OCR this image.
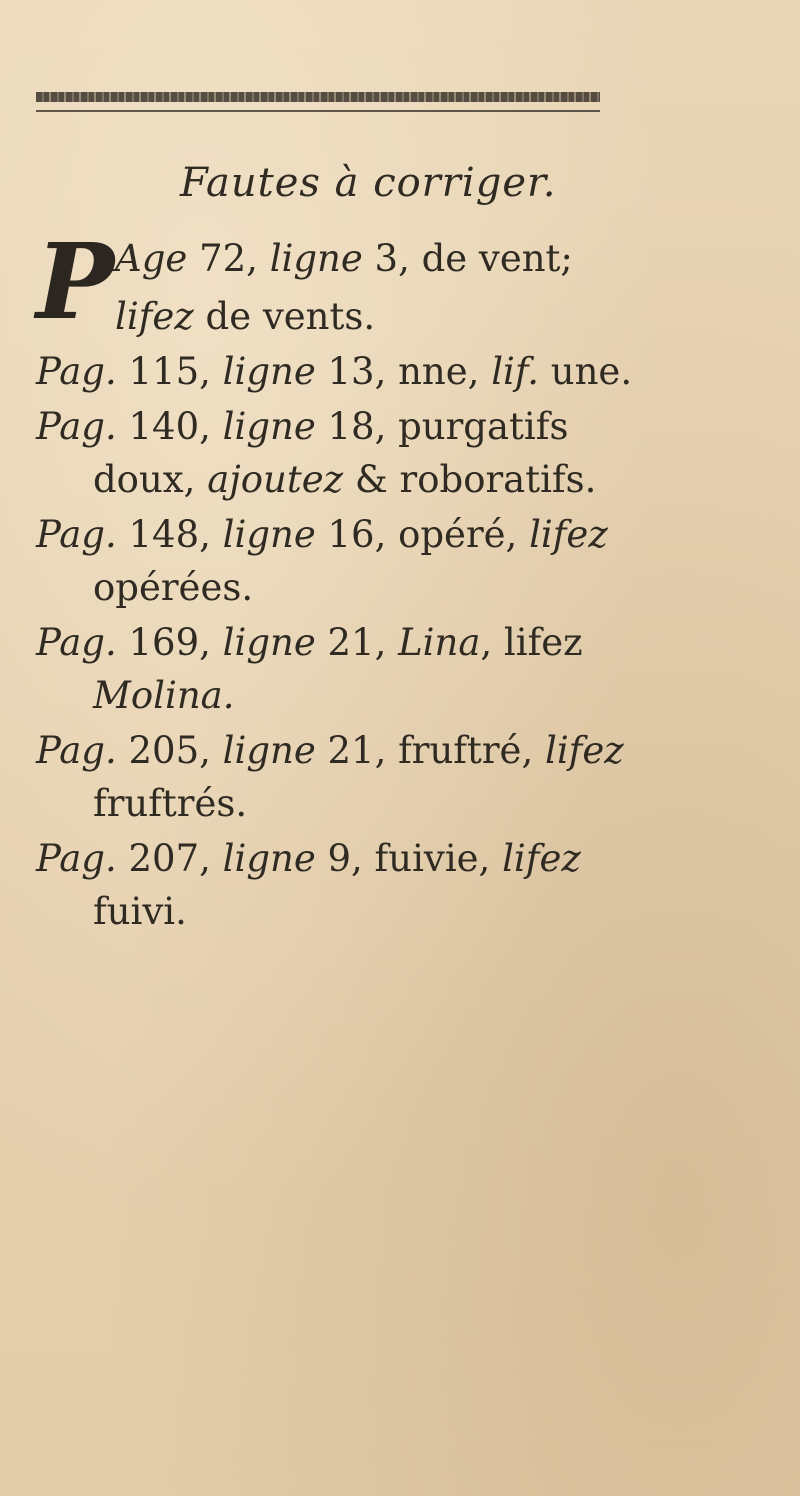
Fautes à corriger.
P Age 72, ligne 3, de vent;
lifez de vents.
Pag. 115, ligne 13, nne, lif. une.
Pag. 140, ligne 18, purgatifs
doux, ajoutez & roboratifs.
Pag. 148, ligne 16, opéré, lifez
opérées.
Pag. 169, ligne 21, Lina, lifez
Molina.
Pag. 205, ligne 21, fruftré, lifez
fruftrés.
Pag. 207, ligne 9, fuivie, lifez
fuivi.
